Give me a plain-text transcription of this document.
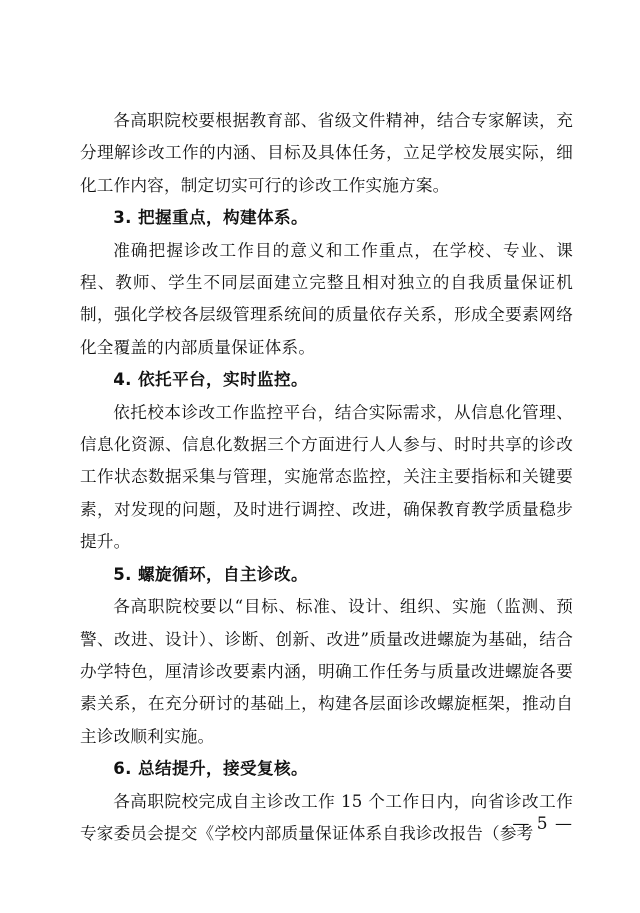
各高职院校要根据教育部、省级文件精神，结合专家解读，充分理解诊改工作的内涵、目标及具体任务，立足学校发展实际，细化工作内容，制定切实可行的诊改工作实施方案。

3. 把握重点，构建体系。

准确把握诊改工作目的意义和工作重点，在学校、专业、课程、教师、学生不同层面建立完整且相对独立的自我质量保证机制，强化学校各层级管理系统间的质量依存关系，形成全要素网络化全覆盖的内部质量保证体系。

4. 依托平台，实时监控。

依托校本诊改工作监控平台，结合实际需求，从信息化管理、信息化资源、信息化数据三个方面进行人人参与、时时共享的诊改工作状态数据采集与管理，实施常态监控，关注主要指标和关键要素，对发现的问题，及时进行调控、改进，确保教育教学质量稳步提升。

5. 螺旋循环，自主诊改。

各高职院校要以“目标、标准、设计、组织、实施（监测、预警、改进、设计）、诊断、创新、改进”质量改进螺旋为基础，结合办学特色，厘清诊改要素内涵，明确工作任务与质量改进螺旋各要素关系，在充分研讨的基础上，构建各层面诊改螺旋框架，推动自主诊改顺利实施。

6. 总结提升，接受复核。

各高职院校完成自主诊改工作 15 个工作日内，向省诊改工作专家委员会提交《学校内部质量保证体系自我诊改报告（参考

— 5 —
